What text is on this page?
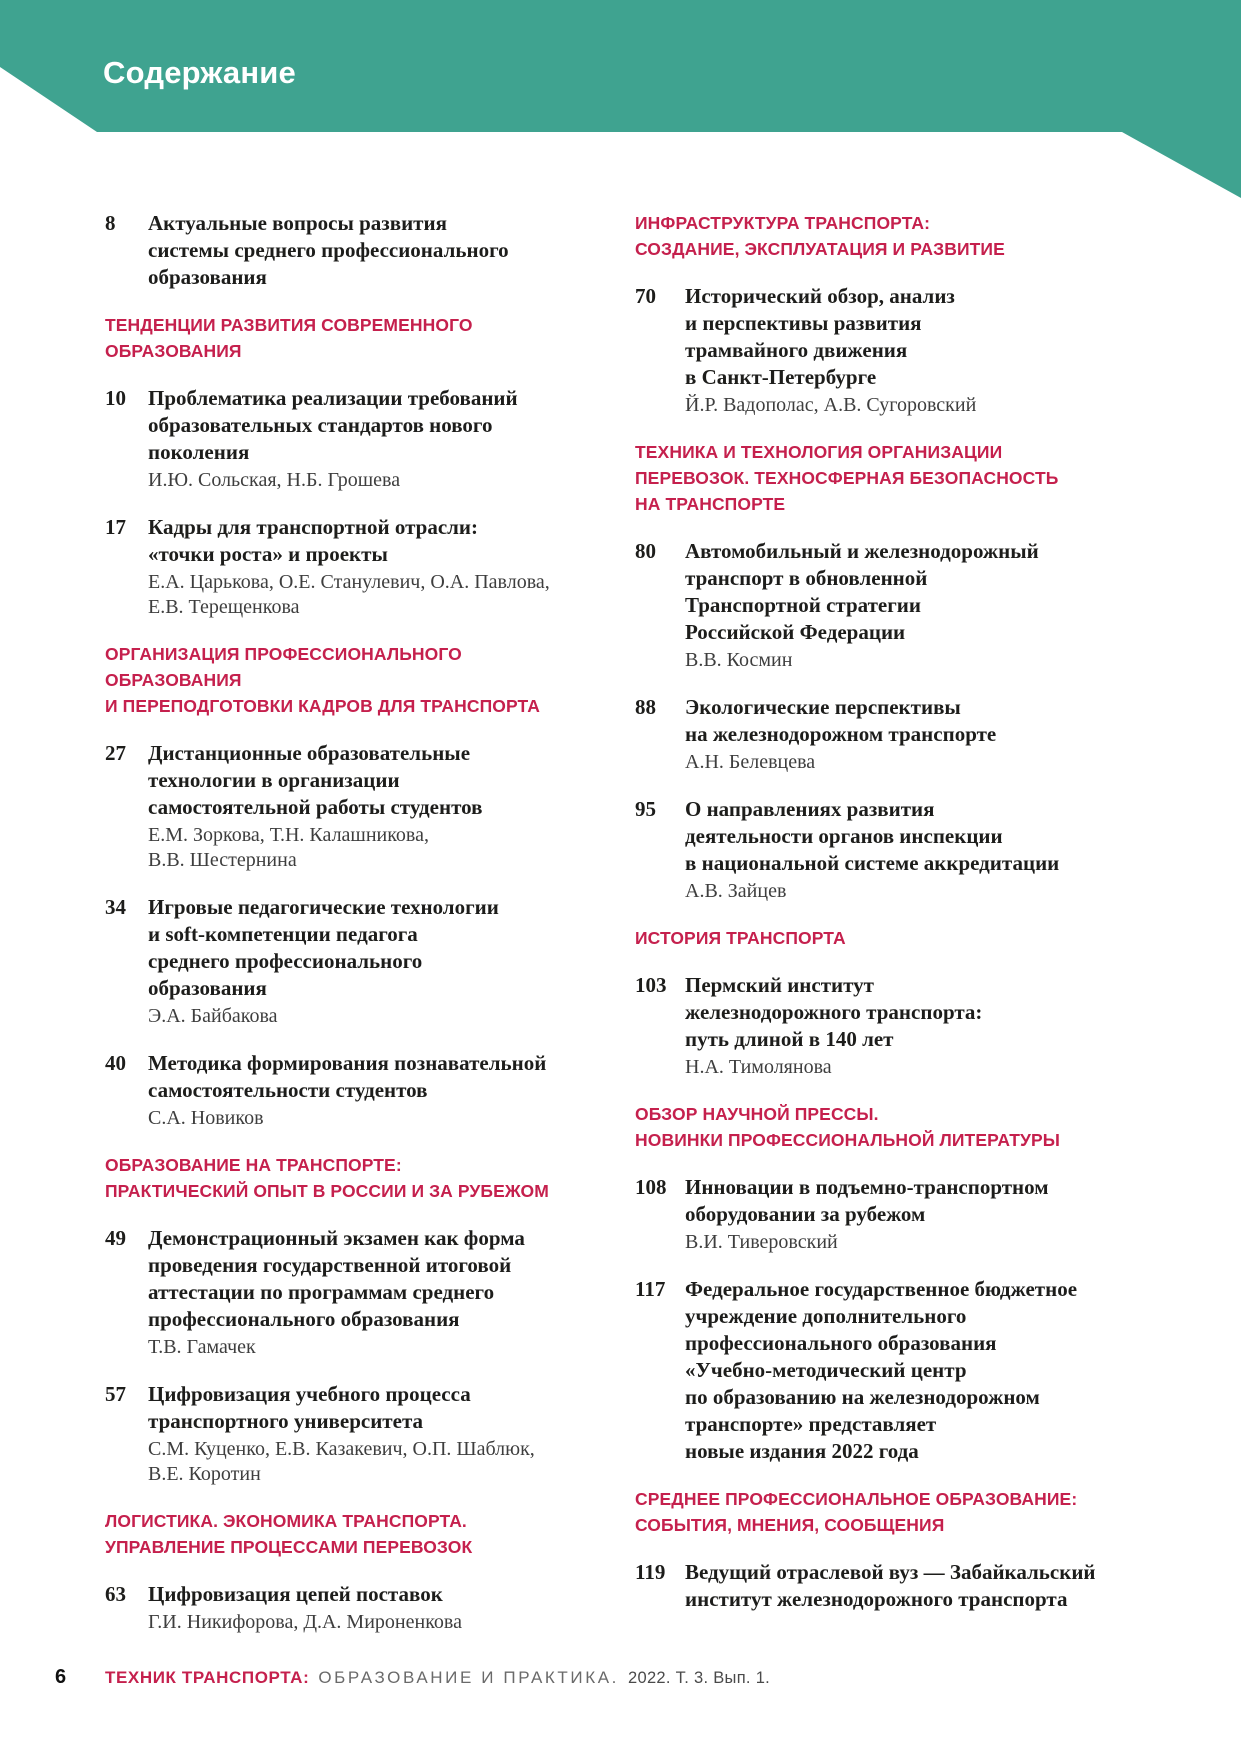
Содержание
8	Актуальные вопросы развития
системы среднего профессионального
образования
ТЕНДЕНЦИИ РАЗВИТИЯ СОВРЕМЕННОГО
ОБРАЗОВАНИЯ
10	Проблематика реализации требований
образовательных стандартов нового
поколения
И.Ю. Сольская, Н.Б. Грошева
17	Кадры для транспортной отрасли:
«точки роста» и проекты
Е.А. Царькова, О.Е. Станулевич, О.А. Павлова,
Е.В. Терещенкова
ОРГАНИЗАЦИЯ ПРОФЕССИОНАЛЬНОГО ОБРАЗОВАНИЯ
И ПЕРЕПОДГОТОВКИ КАДРОВ ДЛЯ ТРАНСПОРТА
27	Дистанционные образовательные
технологии в организации
самостоятельной работы студентов
Е.М. Зоркова, Т.Н. Калашникова,
В.В. Шестернина
34	Игровые педагогические технологии
и soft-компетенции педагога
среднего профессионального
образования
Э.А. Байбакова
40	Методика формирования познавательной
самостоятельности студентов
С.А. Новиков
ОБРАЗОВАНИЕ НА ТРАНСПОРТЕ:
ПРАКТИЧЕСКИЙ ОПЫТ В РОССИИ И ЗА РУБЕЖОМ
49	Демонстрационный экзамен как форма
проведения государственной итоговой
аттестации по программам среднего
профессионального образования
Т.В. Гамачек
57	Цифровизация учебного процесса
транспортного университета
С.М. Куценко, Е.В. Казакевич, О.П. Шаблюк,
В.Е. Коротин
ЛОГИСТИКА. ЭКОНОМИКА ТРАНСПОРТА.
УПРАВЛЕНИЕ ПРОЦЕССАМИ ПЕРЕВОЗОК
63	Цифровизация цепей поставок
Г.И. Никифорова, Д.А. Мироненкова
ИНФРАСТРУКТУРА ТРАНСПОРТА:
СОЗДАНИЕ, ЭКСПЛУАТАЦИЯ И РАЗВИТИЕ
70	Исторический обзор, анализ
и перспективы развития
трамвайного движения
в Санкт-Петербурге
Й.Р. Вадополас, А.В. Сугоровский
ТЕХНИКА И ТЕХНОЛОГИЯ ОРГАНИЗАЦИИ
ПЕРЕВОЗОК. ТЕХНОСФЕРНАЯ БЕЗОПАСНОСТЬ
НА ТРАНСПОРТЕ
80	Автомобильный и железнодорожный
транспорт в обновленной
Транспортной стратегии
Российской Федерации
В.В. Космин
88	Экологические перспективы
на железнодорожном транспорте
А.Н. Белевцева
95	О направлениях развития
деятельности органов инспекции
в национальной системе аккредитации
А.В. Зайцев
ИСТОРИЯ ТРАНСПОРТА
103 Пермский институт
железнодорожного транспорта:
путь длиной в 140 лет
Н.А. Тимолянова
ОБЗОР НАУЧНОЙ ПРЕССЫ.
НОВИНКИ ПРОФЕССИОНАЛЬНОЙ ЛИТЕРАТУРЫ
108 Инновации в подъемно-транспортном
оборудовании за рубежом
В.И. Тиверовский
117 Федеральное государственное бюджетное
учреждение дополнительного
профессионального образования
«Учебно-методический центр
по образованию на железнодорожном
транспорте» представляет
новые издания 2022 года
СРЕДНЕЕ ПРОФЕССИОНАЛЬНОЕ ОБРАЗОВАНИЕ:
СОБЫТИЯ, МНЕНИЯ, СООБЩЕНИЯ
119 Ведущий отраслевой вуз — Забайкальский
институт железнодорожного транспорта
6 ТЕХНИК ТРАНСПОРТА: ОБРАЗОВАНИЕ И ПРАКТИКА. 2022. Т. 3. Вып. 1.
